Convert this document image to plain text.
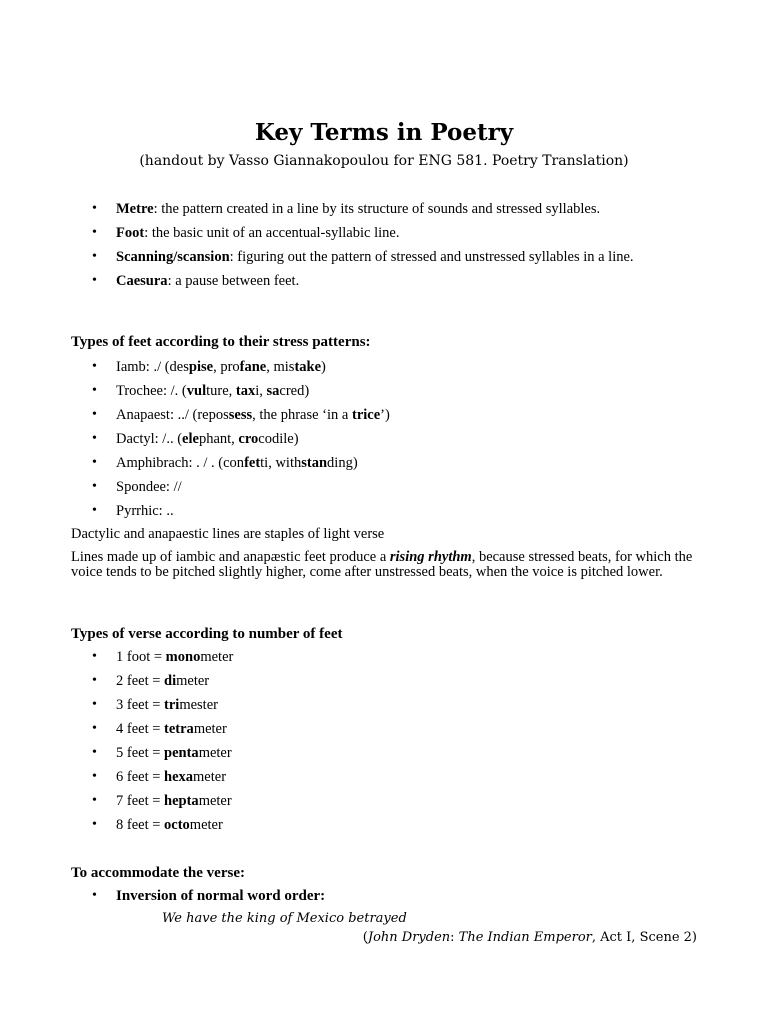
Key Terms in Poetry

(handout by Vasso Giannakopoulou for ENG 581. Poetry Translation)

• Metre: the pattern created in a line by its structure of sounds and stressed syllables.
• Foot: the basic unit of an accentual-syllabic line.
• Scanning/scansion: figuring out the pattern of stressed and unstressed syllables in a line.
• Caesura: a pause between feet.

Types of feet according to their stress patterns:

• Iamb: ./ (despise, profane, mistake)
• Trochee: /. (vulture, taxi, sacred)
• Anapaest: ../ (repossess, the phrase ‘in a trice’)
• Dactyl: /.. (elephant, crocodile)
• Amphibrach: . / . (confetti, withstanding)
• Spondee: //
• Pyrrhic: ..

Dactylic and anapaestic lines are staples of light verse

Lines made up of iambic and anapæstic feet produce a rising rhythm, because stressed beats, for which the voice tends to be pitched slightly higher, come after unstressed beats, when the voice is pitched lower.

Types of verse according to number of feet

• 1 foot = monometer
• 2 feet = dimeter
• 3 feet = trimester
• 4 feet = tetrameter
• 5 feet = pentameter
• 6 feet = hexameter
• 7 feet = heptameter
• 8 feet = octometer

To accommodate the verse:

• Inversion of normal word order:
We have the king of Mexico betrayed
(John Dryden: The Indian Emperor, Act I, Scene 2)
